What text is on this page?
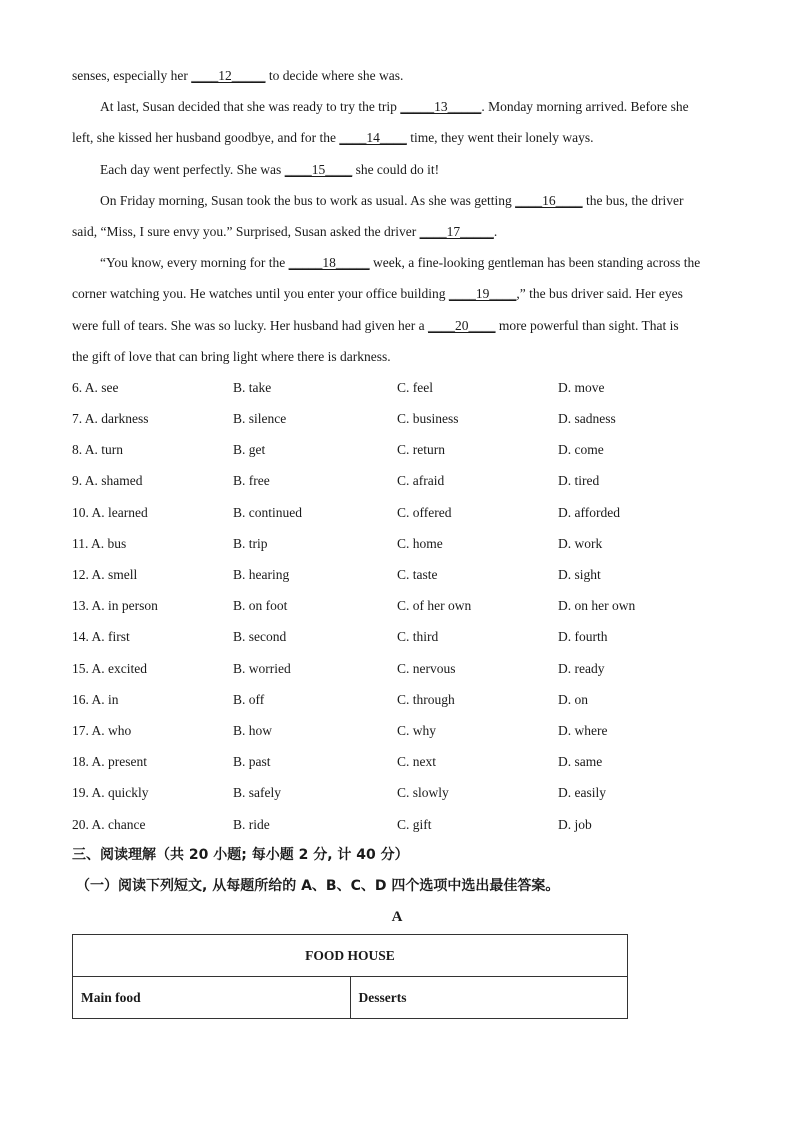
senses, especially her ____12_____ to decide where she was.
At last, Susan decided that she was ready to try the trip _____13_____. Monday morning arrived. Before she
left, she kissed her husband goodbye, and for the ____14____ time, they went their lonely ways.
Each day went perfectly. She was ____15____ she could do it!
On Friday morning, Susan took the bus to work as usual. As she was getting ____16____ the bus, the driver
said, “Miss, I sure envy you.” Surprised, Susan asked the driver ____17_____.
“You know, every morning for the _____18_____ week, a fine-looking gentleman has been standing across the
corner watching you. He watches until you enter your office building ____19____,” the bus driver said. Her eyes
were full of tears. She was so lucky. Her husband had given her a ____20____ more powerful than sight. That is
the gift of love that can bring light where there is darkness.
6. A. see	B. take	C. feel	D. move
7. A. darkness	B. silence	C. business	D. sadness
8. A. turn	B. get	C. return	D. come
9. A. shamed	B. free	C. afraid	D. tired
10. A. learned	B. continued	C. offered	D. afforded
11. A. bus	B. trip	C. home	D. work
12. A. smell	B. hearing	C. taste	D. sight
13. A. in person	B. on foot	C. of her own	D. on her own
14. A. first	B. second	C. third	D. fourth
15. A. excited	B. worried	C. nervous	D. ready
16. A. in	B. off	C. through	D. on
17. A. who	B. how	C. why	D. where
18. A. present	B. past	C. next	D. same
19. A. quickly	B. safely	C. slowly	D. easily
20. A. chance	B. ride	C. gift	D. job
三、阅读理解（共 20 小题; 每小题 2 分, 计 40 分）
（一）阅读下列短文, 从每题所给的 A、B、C、D 四个选项中选出最佳答案。
A
FOOD HOUSE
Main food	Desserts
